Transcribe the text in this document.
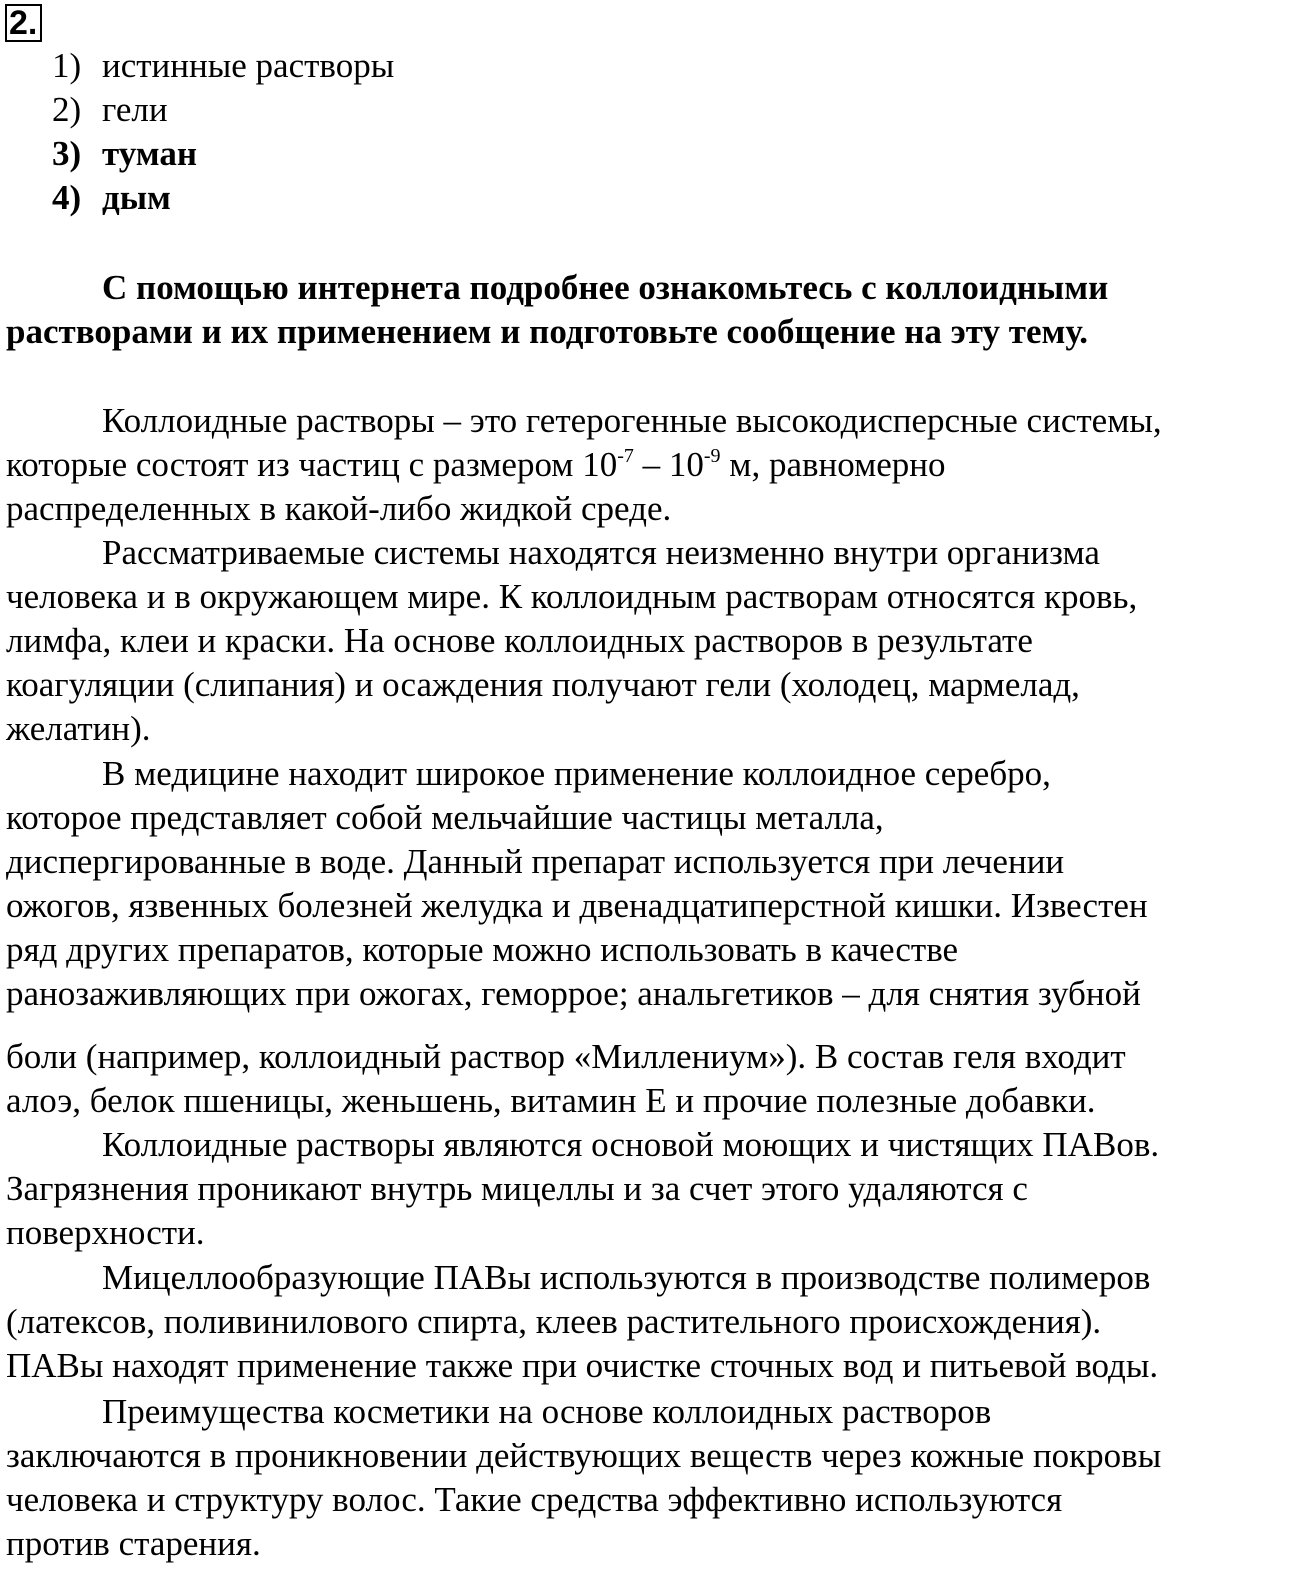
2.
1) истинные растворы
2) гели
3) туман
4) дым
С помощью интернета подробнее ознакомьтесь с коллоидными
растворами и их применением и подготовьте сообщение на эту тему.
Коллоидные растворы – это гетерогенные высокодисперсные системы,
которые состоят из частиц с размером $10^{-7} - 10^{-9}$ м, равномерно
распределенных в какой-либо жидкой среде.
Рассматриваемые системы находятся неизменно внутри организма
человека и в окружающем мире. К коллоидным растворам относятся кровь,
лимфа, клеи и краски. На основе коллоидных растворов в результате
коагуляции (слипания) и осаждения получают гели (холодец, мармелад,
желатин).
В медицине находит широкое применение коллоидное серебро,
которое представляет собой мельчайшие частицы металла,
диспергированные в воде. Данный препарат используется при лечении
ожогов, язвенных болезней желудка и двенадцатиперстной кишки. Известен
ряд других препаратов, которые можно использовать в качестве
ранозаживляющих при ожогах, геморрое; анальгетиков – для снятия зубной
боли (например, коллоидный раствор «Миллениум»). В состав геля входит
алоэ, белок пшеницы, женьшень, витамин Е и прочие полезные добавки.
Коллоидные растворы являются основой моющих и чистящих ПАВов.
Загрязнения проникают внутрь мицеллы и за счет этого удаляются с
поверхности.
Мицеллообразующие ПАВы используются в производстве полимеров
(латексов, поливинилового спирта, клеев растительного происхождения).
ПАВы находят применение также при очистке сточных вод и питьевой воды.
Преимущества косметики на основе коллоидных растворов
заключаются в проникновении действующих веществ через кожные покровы
человека и структуру волос. Такие средства эффективно используются
против старения.
